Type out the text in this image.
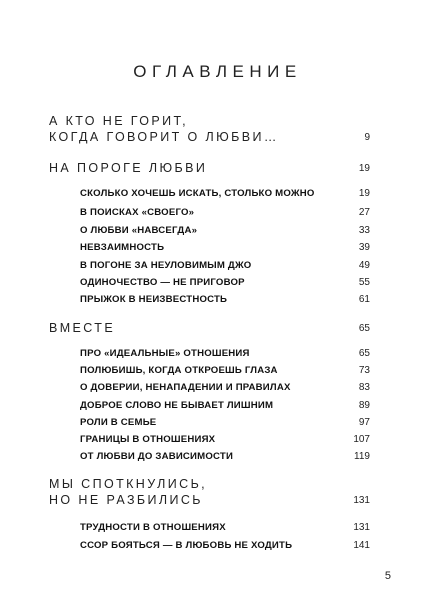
ОГЛАВЛЕНИЕ
А КТО НЕ ГОРИТ,
КОГДА ГОВОРИТ О ЛЮБВИ…	9
НА ПОРОГЕ ЛЮБВИ	19
СКОЛЬКО ХОЧЕШЬ ИСКАТЬ, СТОЛЬКО МОЖНО	19
В ПОИСКАХ «СВОЕГО»	27
О ЛЮБВИ «НАВСЕГДА»	33
НЕВЗАИМНОСТЬ	39
В ПОГОНЕ ЗА НЕУЛОВИМЫМ ДЖО	49
ОДИНОЧЕСТВО — НЕ ПРИГОВОР	55
ПРЫЖОК В НЕИЗВЕСТНОСТЬ	61
ВМЕСТЕ	65
ПРО «ИДЕАЛЬНЫЕ» ОТНОШЕНИЯ	65
ПОЛЮБИШЬ, КОГДА ОТКРОЕШЬ ГЛАЗА	73
О ДОВЕРИИ, НЕНАПАДЕНИИ И ПРАВИЛАХ	83
ДОБРОЕ СЛОВО НЕ БЫВАЕТ ЛИШНИМ	89
РОЛИ В СЕМЬЕ	97
ГРАНИЦЫ В ОТНОШЕНИЯХ	107
ОТ ЛЮБВИ ДО ЗАВИСИМОСТИ	119
МЫ СПОТКНУЛИСЬ,
НО НЕ РАЗБИЛИСЬ	131
ТРУДНОСТИ В ОТНОШЕНИЯХ	131
ССОР БОЯТЬСЯ — В ЛЮБОВЬ НЕ ХОДИТЬ	141
5
